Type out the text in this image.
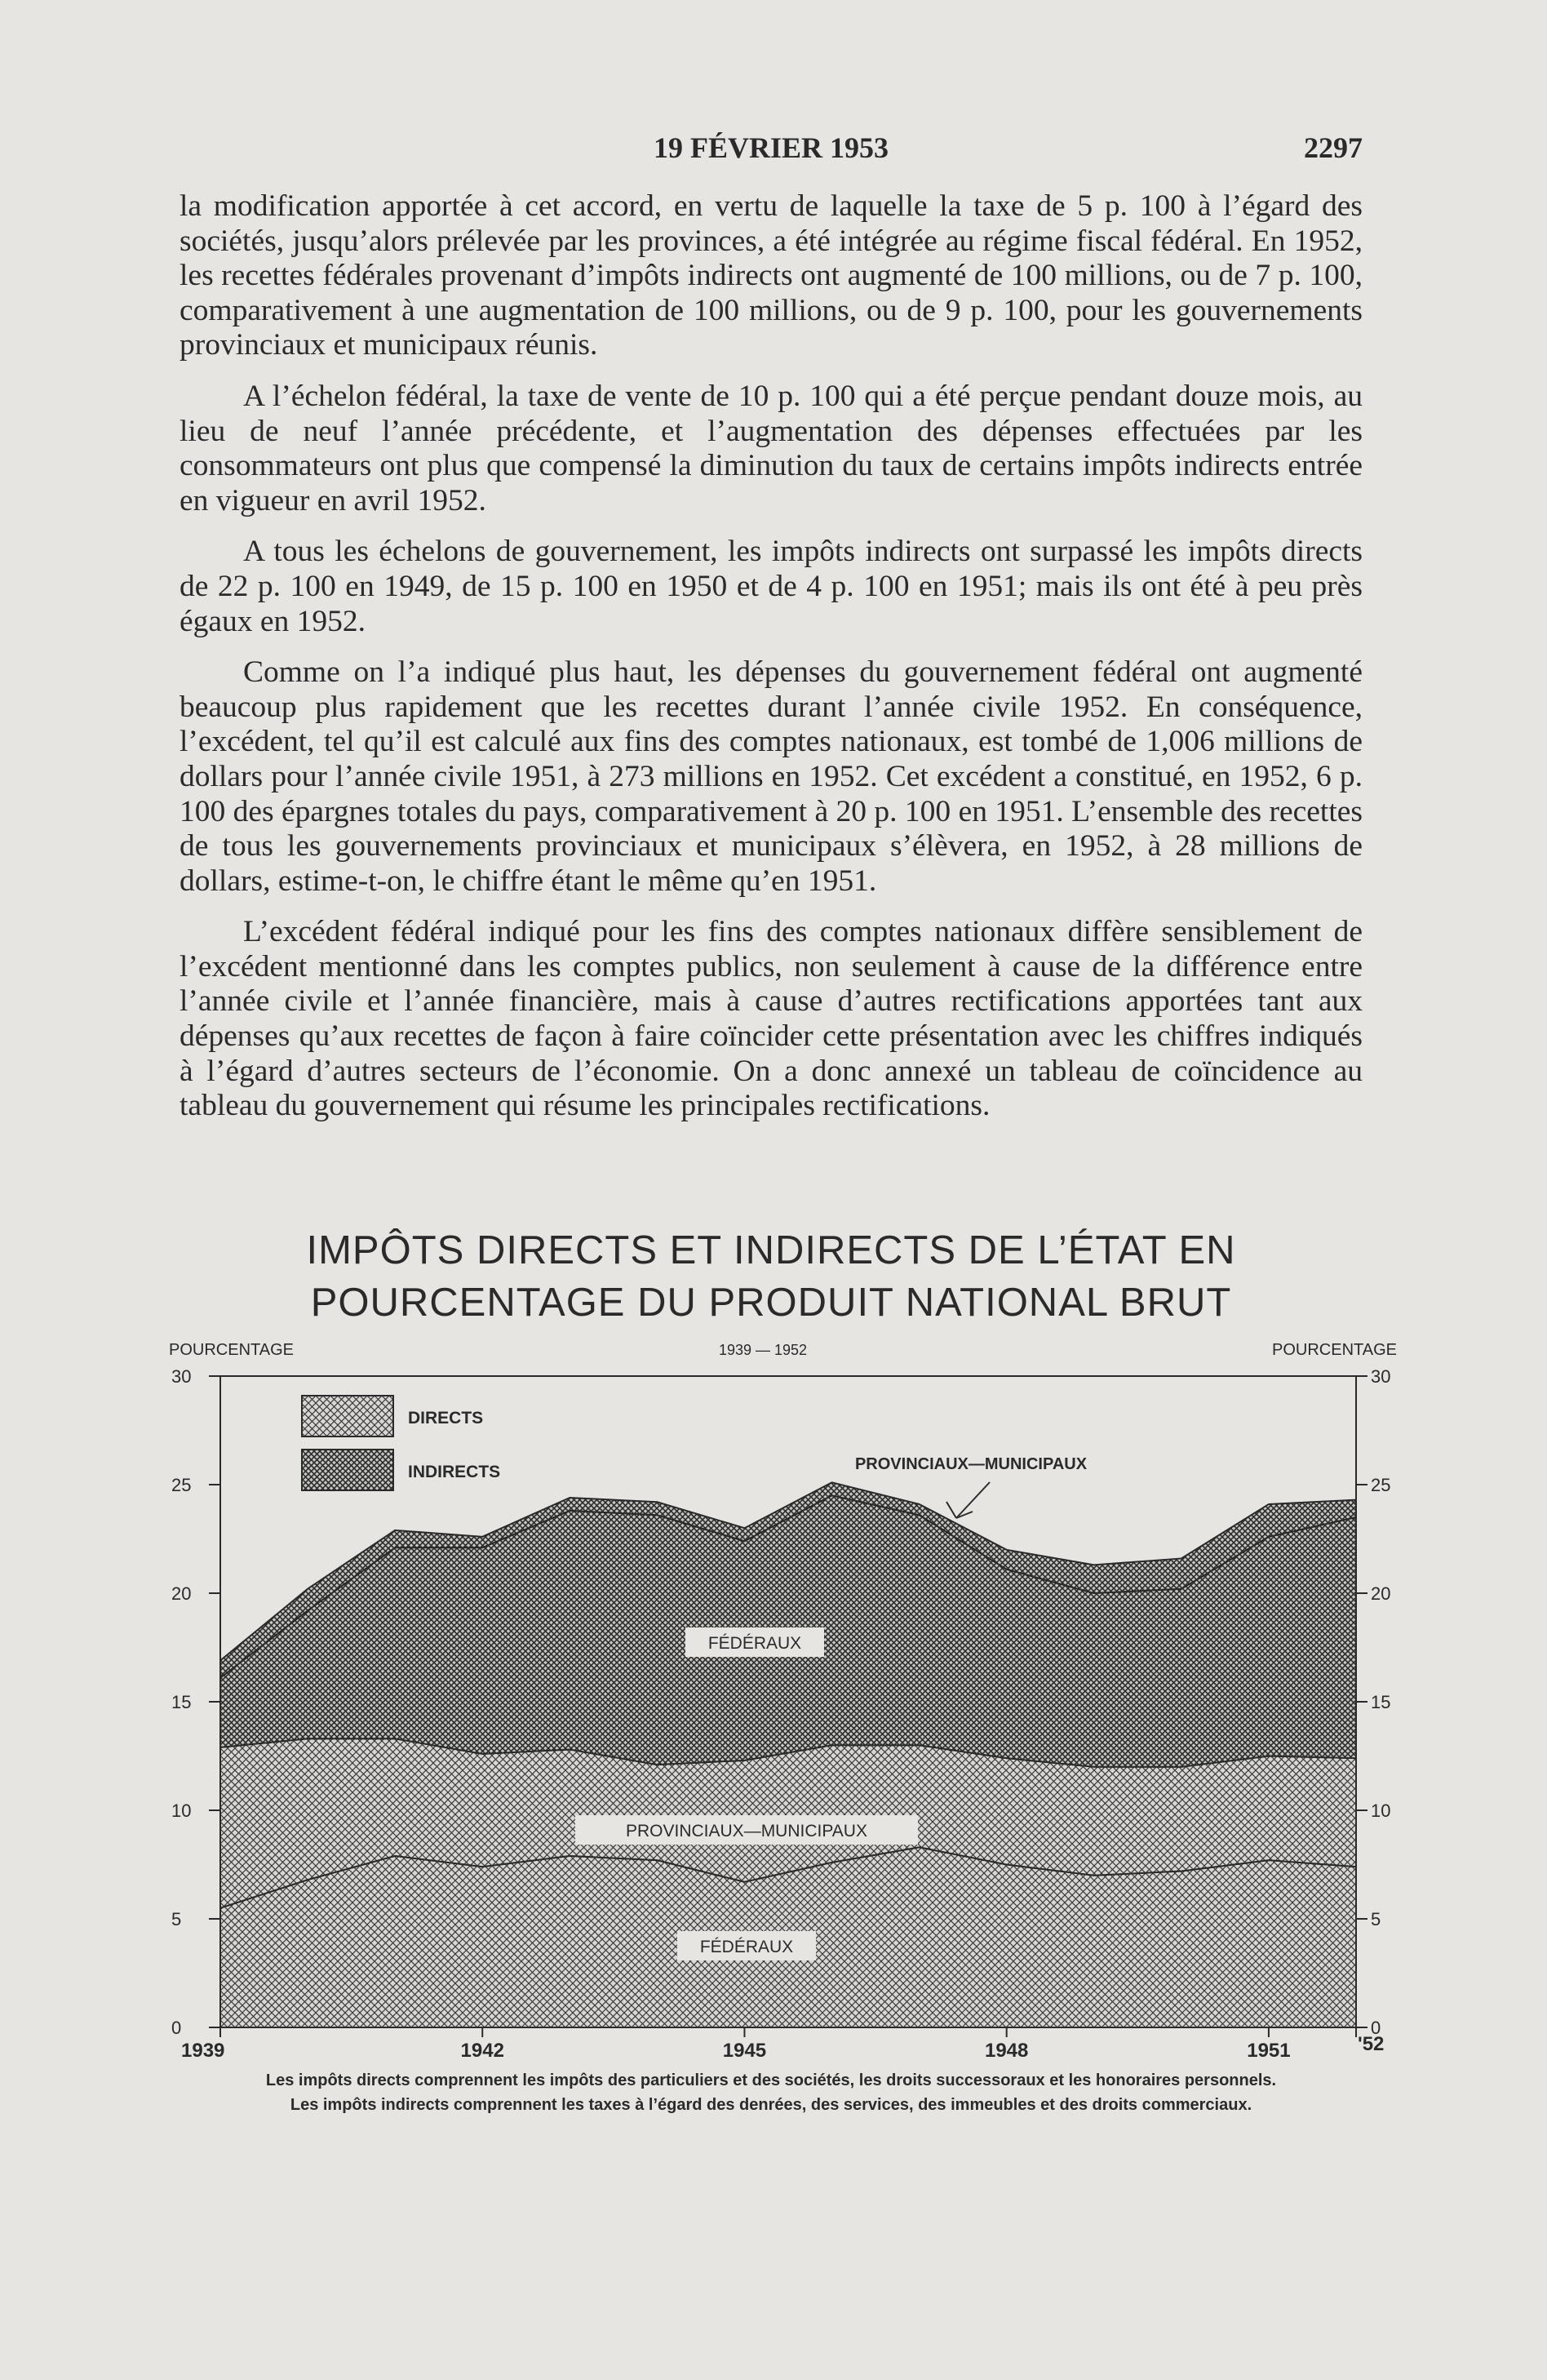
19 FÉVRIER 1953	2297

la modification apportée à cet accord, en vertu de laquelle la taxe de 5 p. 100 à l’égard des sociétés, jusqu’alors prélevée par les provinces, a été intégrée au régime fiscal fédéral. En 1952, les recettes fédérales provenant d’impôts indirects ont augmenté de 100 millions, ou de 7 p. 100, comparativement à une augmentation de 100 millions, ou de 9 p. 100, pour les gouvernements provinciaux et municipaux réunis.

A l’échelon fédéral, la taxe de vente de 10 p. 100 qui a été perçue pendant douze mois, au lieu de neuf l’année précédente, et l’augmentation des dépenses effectuées par les consommateurs ont plus que compensé la diminution du taux de certains impôts indirects entrée en vigueur en avril 1952.

A tous les échelons de gouvernement, les impôts indirects ont surpassé les impôts directs de 22 p. 100 en 1949, de 15 p. 100 en 1950 et de 4 p. 100 en 1951; mais ils ont été à peu près égaux en 1952.

Comme on l’a indiqué plus haut, les dépenses du gouvernement fédéral ont augmenté beaucoup plus rapidement que les recettes durant l’année civile 1952. En conséquence, l’excédent, tel qu’il est calculé aux fins des comptes nationaux, est tombé de 1,006 millions de dollars pour l’année civile 1951, à 273 millions en 1952. Cet excédent a constitué, en 1952, 6 p. 100 des épargnes totales du pays, comparativement à 20 p. 100 en 1951. L’ensemble des recettes de tous les gouvernements provinciaux et municipaux s’élèvera, en 1952, à 28 millions de dollars, estime-t-on, le chiffre étant le même qu’en 1951.

L’excédent fédéral indiqué pour les fins des comptes nationaux diffère sensiblement de l’excédent mentionné dans les comptes publics, non seulement à cause de la différence entre l’année civile et l’année financière, mais à cause d’autres rectifications apportées tant aux dépenses qu’aux recettes de façon à faire coïncider cette présentation avec les chiffres indiqués à l’égard d’autres secteurs de l’économie. On a donc annexé un tableau de coïncidence au tableau du gouvernement qui résume les principales rectifications.

IMPÔTS DIRECTS ET INDIRECTS DE L’ÉTAT EN
POURCENTAGE DU PRODUIT NATIONAL BRUT
0	0
5	5
10	10
15	15
20	20
25	25
30	30
1939	1942	1945	1948	1951	'52
POURCENTAGE	POURCENTAGE
1939 — 1952
DIRECTS
INDIRECTS	PROVINCIAUX—MUNICIPAUX
FÉDÉRAUX
PROVINCIAUX—MUNICIPAUX
FÉDÉRAUX
Les impôts directs comprennent les impôts des particuliers et des sociétés, les droits successoraux et les honoraires personnels.
Les impôts indirects comprennent les taxes à l’égard des denrées, des services, des immeubles et des droits commerciaux.
